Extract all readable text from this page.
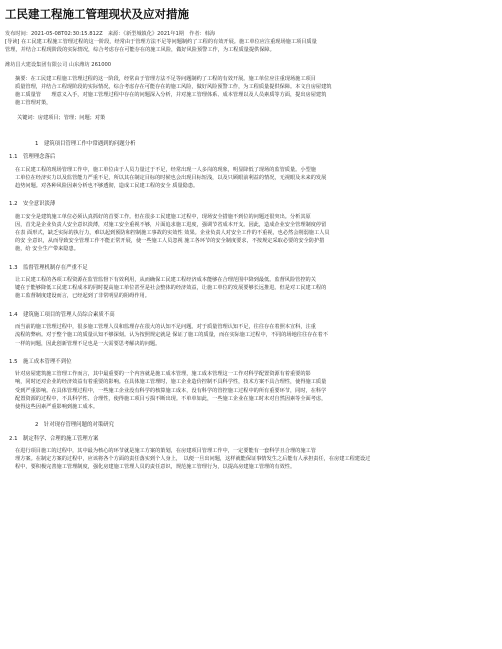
工民建工程施工管理现状及应对措施
发布时间：2021-05-08T02:30:15.812Z　来源：《新型城镇化》2021年1期　作者：韩海
[导读] 在工民建工程施工管理过程的这一阶段，经常由于管理方法不足等问题制约了工程的有效开展。施工单位应注重现场施工项目质量
管理，并结合工程现阶段的实际情况，综合考虑存在可能存在的施工风险，做好风险预警工作，为工程质量提供保障。
潍坊昌大建设集团有限公司 山东潍坊 261000
摘要：在工民建工程施工管理过程的这一阶段，经常由于管理方法不足等问题制约了工程的有效开展。施工单位应注重现场施工项目
质量管理，并结合工程现阶段的实际情况，综合考虑存在可能存在的施工风险，做好风险预警工作，为工程质量提供保障。本文自房屋建筑
施工质量管　　理意义入手，对施工管理过程中存在的问题深入分析，并对施工管理体系、成本管理以及人员素质等方面，提出房屋建筑
施工管理对策，
关键词：房建项目；管理；问题；对策
1　建筑项目管理工作中常遇到的问题分析
1.1　管理理念落后
在工民建工程的现场管理工作中，施工单位由于人员力量过于不足，经常出现一人多岗的现象，明显降低了现场的监管质量。小型施
工单位在经济实力以及监管能力严重不足，所以其在制定目标的时候也会出现目标短浅，以及只顾眼前利益的情况，无视眼及未来的发展
趋势问题。对各种风险因素分析也不够透彻，造成工民建工程的安全 质量隐患。
1.2　安全意识淡薄
施工安全是建筑施工单位必须认真抓好的首要工作。但在很多工民建施工过程中，现场安全措施不到位的问题还很突出。分析其原
因，首先是企业负责人安全意识淡薄，对施工安全重视不够，片面追求施工进度，强调节省成本开支。因此，造成企业安全管理制度停留
在表 面形式，缺乏实际的执行力，难以起到预防和控制施工事故的实效性 效果。企业负责人对安全工作的不重视，也必然会削弱施工人员
的安 全意识，从而导致安全管理工作不能正常开展，使一些施工人员忽视 施工各环节的安全制度要求，不按规定采取必要的安全防护措
施，给 安全生产带来隐患。
1.3　监督管理机制存在严重不足
让工民建工程的各项工程资源在监管监督下有效利用，从而确保工民建工程经济成本能够在合理范围中降到最低。监督风险管控的关
键在于能够降低工民建工程成本的同时提高施工单位甚至是社会整体的经济效益，让施工单位的发展要够长远推进。但是对工民建工程的
施工监督制度建设而言，已经起到了非常明显的阻碍作用。
1.4　建筑施工项目的管理人员综合素质不高
而当前的施工管理过程中，很多施工管理人员和监理存在很大的认知不足问题。对于质量管理认知不足，往往存在着照本宣科，注重
流程的弊病。对于整个施工的质量认知不够深刻。认为按照规定就是 保证了施工的质量，而在实际施工过程中，不同的场地往往存在着不
一样的问题，因此创新管理不足也是一大需要思考解决的问题。
1.5　施工成本管理不到位
针对房屋建筑施工管理工作而言，其中最重要的一个内容就是施工成本管理，施工成本管理这一工作对科学配置资源有着重要的影
响，同时还对企业的经济效益有着重要的影响。在具体施工管理时，施工企业造价控制不具科学性，技术方案不具合理性，使得施工质量
受到严重影响。在具体管理过程中，一些施工企业没有科学的核算施工成本，没有科学的管控施工过程中的所有重要环节，同时，在科学
配置资源的过程中，不具科学性、合理性，使得施工项目亏损不断出现。不单单如此，一些施工企业在施工时未对自然因素等全面考虑，
使得这些因素严重影响到施工成本。
2　针对现存管理问题的对策研究
2.1　制定科学、合理的施工管理方案
在进行项目施工的过程中，其中最为核心的环节就是施工方案的策划，在房建项目管理工作中，一定要能有一套科学且合理的施工管
理方案。在制定方案的过程中，应该将各个方面的责任落实到个人身上，　以便一旦出问题，这样就能保证事情发生之后能有人承担责任，在房建工程建设过
程中，要积极完善施工管理制度，强化房建施工管理人员的责任意识，规范施工管理行为，以提高房建施工管理的有效性。
